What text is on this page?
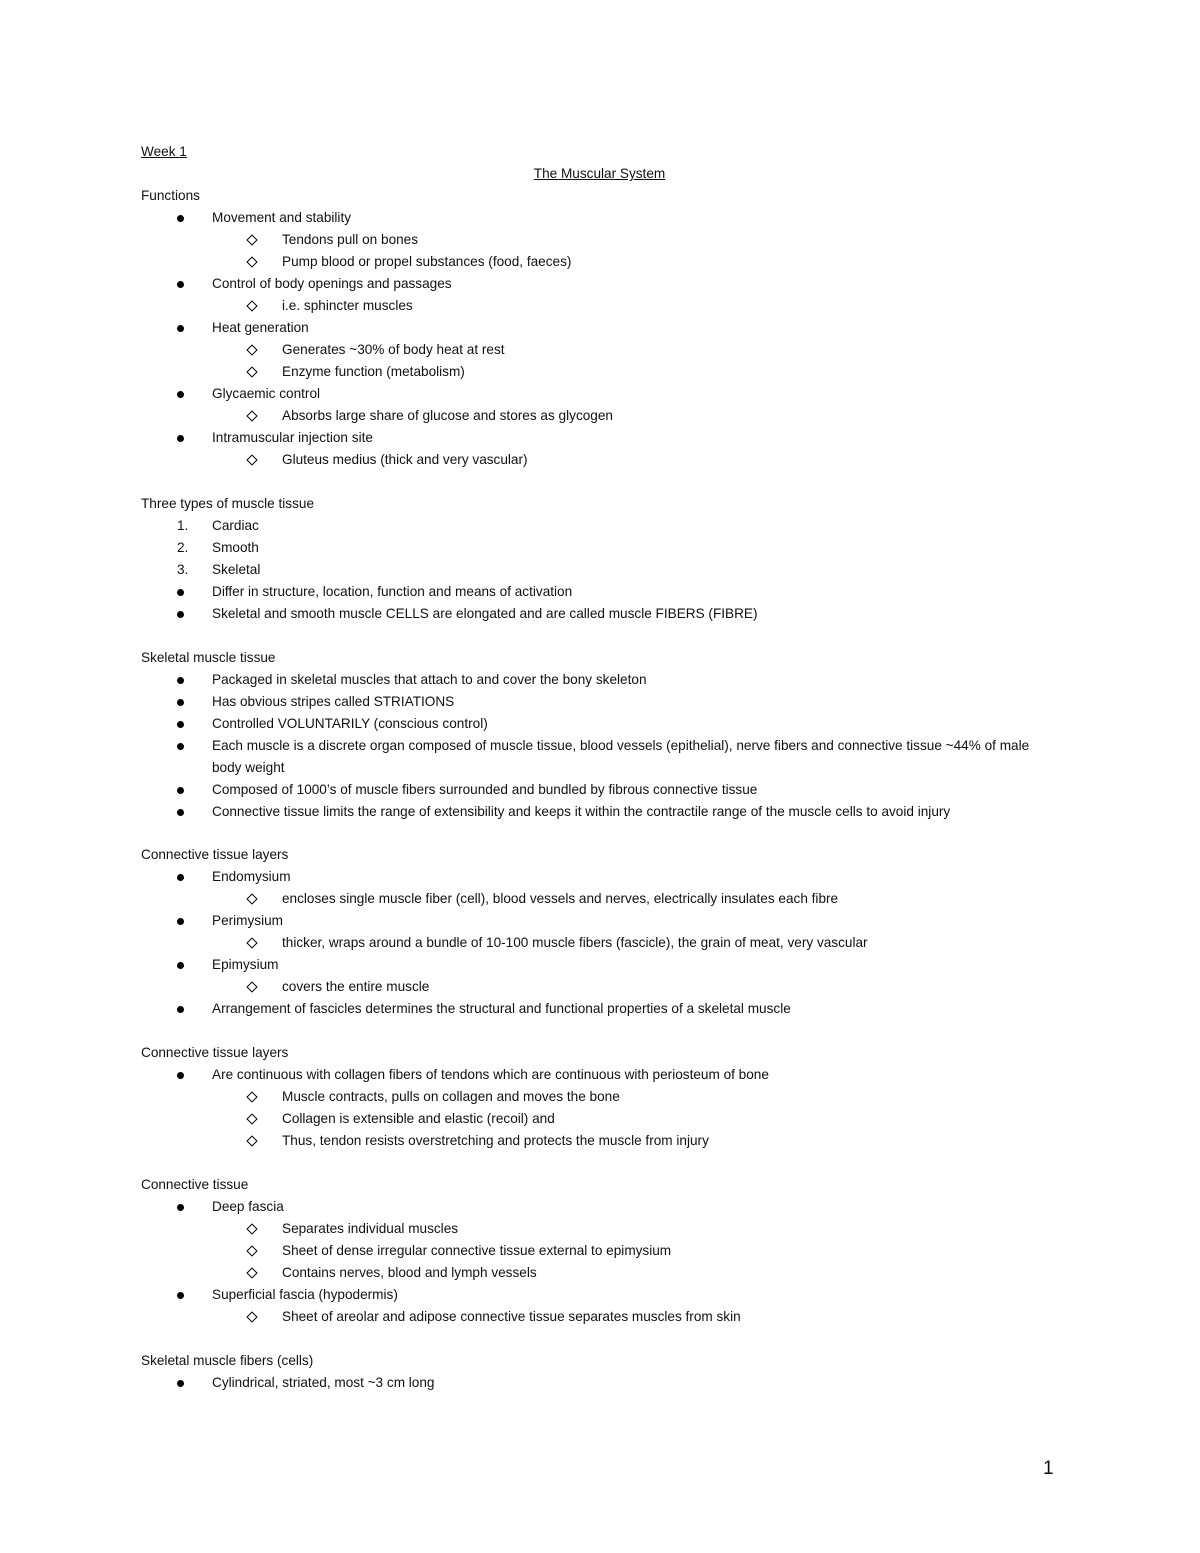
Week 1
The Muscular System
Functions
Movement and stability
Tendons pull on bones
Pump blood or propel substances (food, faeces)
Control of body openings and passages
i.e. sphincter muscles
Heat generation
Generates ~30% of body heat at rest
Enzyme function (metabolism)
Glycaemic control
Absorbs large share of glucose and stores as glycogen
Intramuscular injection site
Gluteus medius (thick and very vascular)
Three types of muscle tissue
1.	Cardiac
2.	Smooth
3.	Skeletal
Differ in structure, location, function and means of activation
Skeletal and smooth muscle CELLS are elongated and are called muscle FIBERS (FIBRE)
Skeletal muscle tissue
Packaged in skeletal muscles that attach to and cover the bony skeleton
Has obvious stripes called STRIATIONS
Controlled VOLUNTARILY (conscious control)
Each muscle is a discrete organ composed of muscle tissue, blood vessels (epithelial), nerve fibers and connective tissue ~44% of male body weight
Composed of 1000’s of muscle fibers surrounded and bundled by fibrous connective tissue
Connective tissue limits the range of extensibility and keeps it within the contractile range of the muscle cells to avoid injury
Connective tissue layers
Endomysium
encloses single muscle fiber (cell), blood vessels and nerves, electrically insulates each fibre
Perimysium
thicker, wraps around a bundle of 10-100 muscle fibers (fascicle), the grain of meat, very vascular
Epimysium
covers the entire muscle
Arrangement of fascicles determines the structural and functional properties of a skeletal muscle
Connective tissue layers
Are continuous with collagen fibers of tendons which are continuous with periosteum of bone
Muscle contracts, pulls on collagen and moves the bone
Collagen is extensible and elastic (recoil) and
Thus, tendon resists overstretching and protects the muscle from injury
Connective tissue
Deep fascia
Separates individual muscles
Sheet of dense irregular connective tissue external to epimysium
Contains nerves, blood and lymph vessels
Superficial fascia (hypodermis)
Sheet of areolar and adipose connective tissue separates muscles from skin
Skeletal muscle fibers (cells)
Cylindrical, striated, most ~3 cm long
1
